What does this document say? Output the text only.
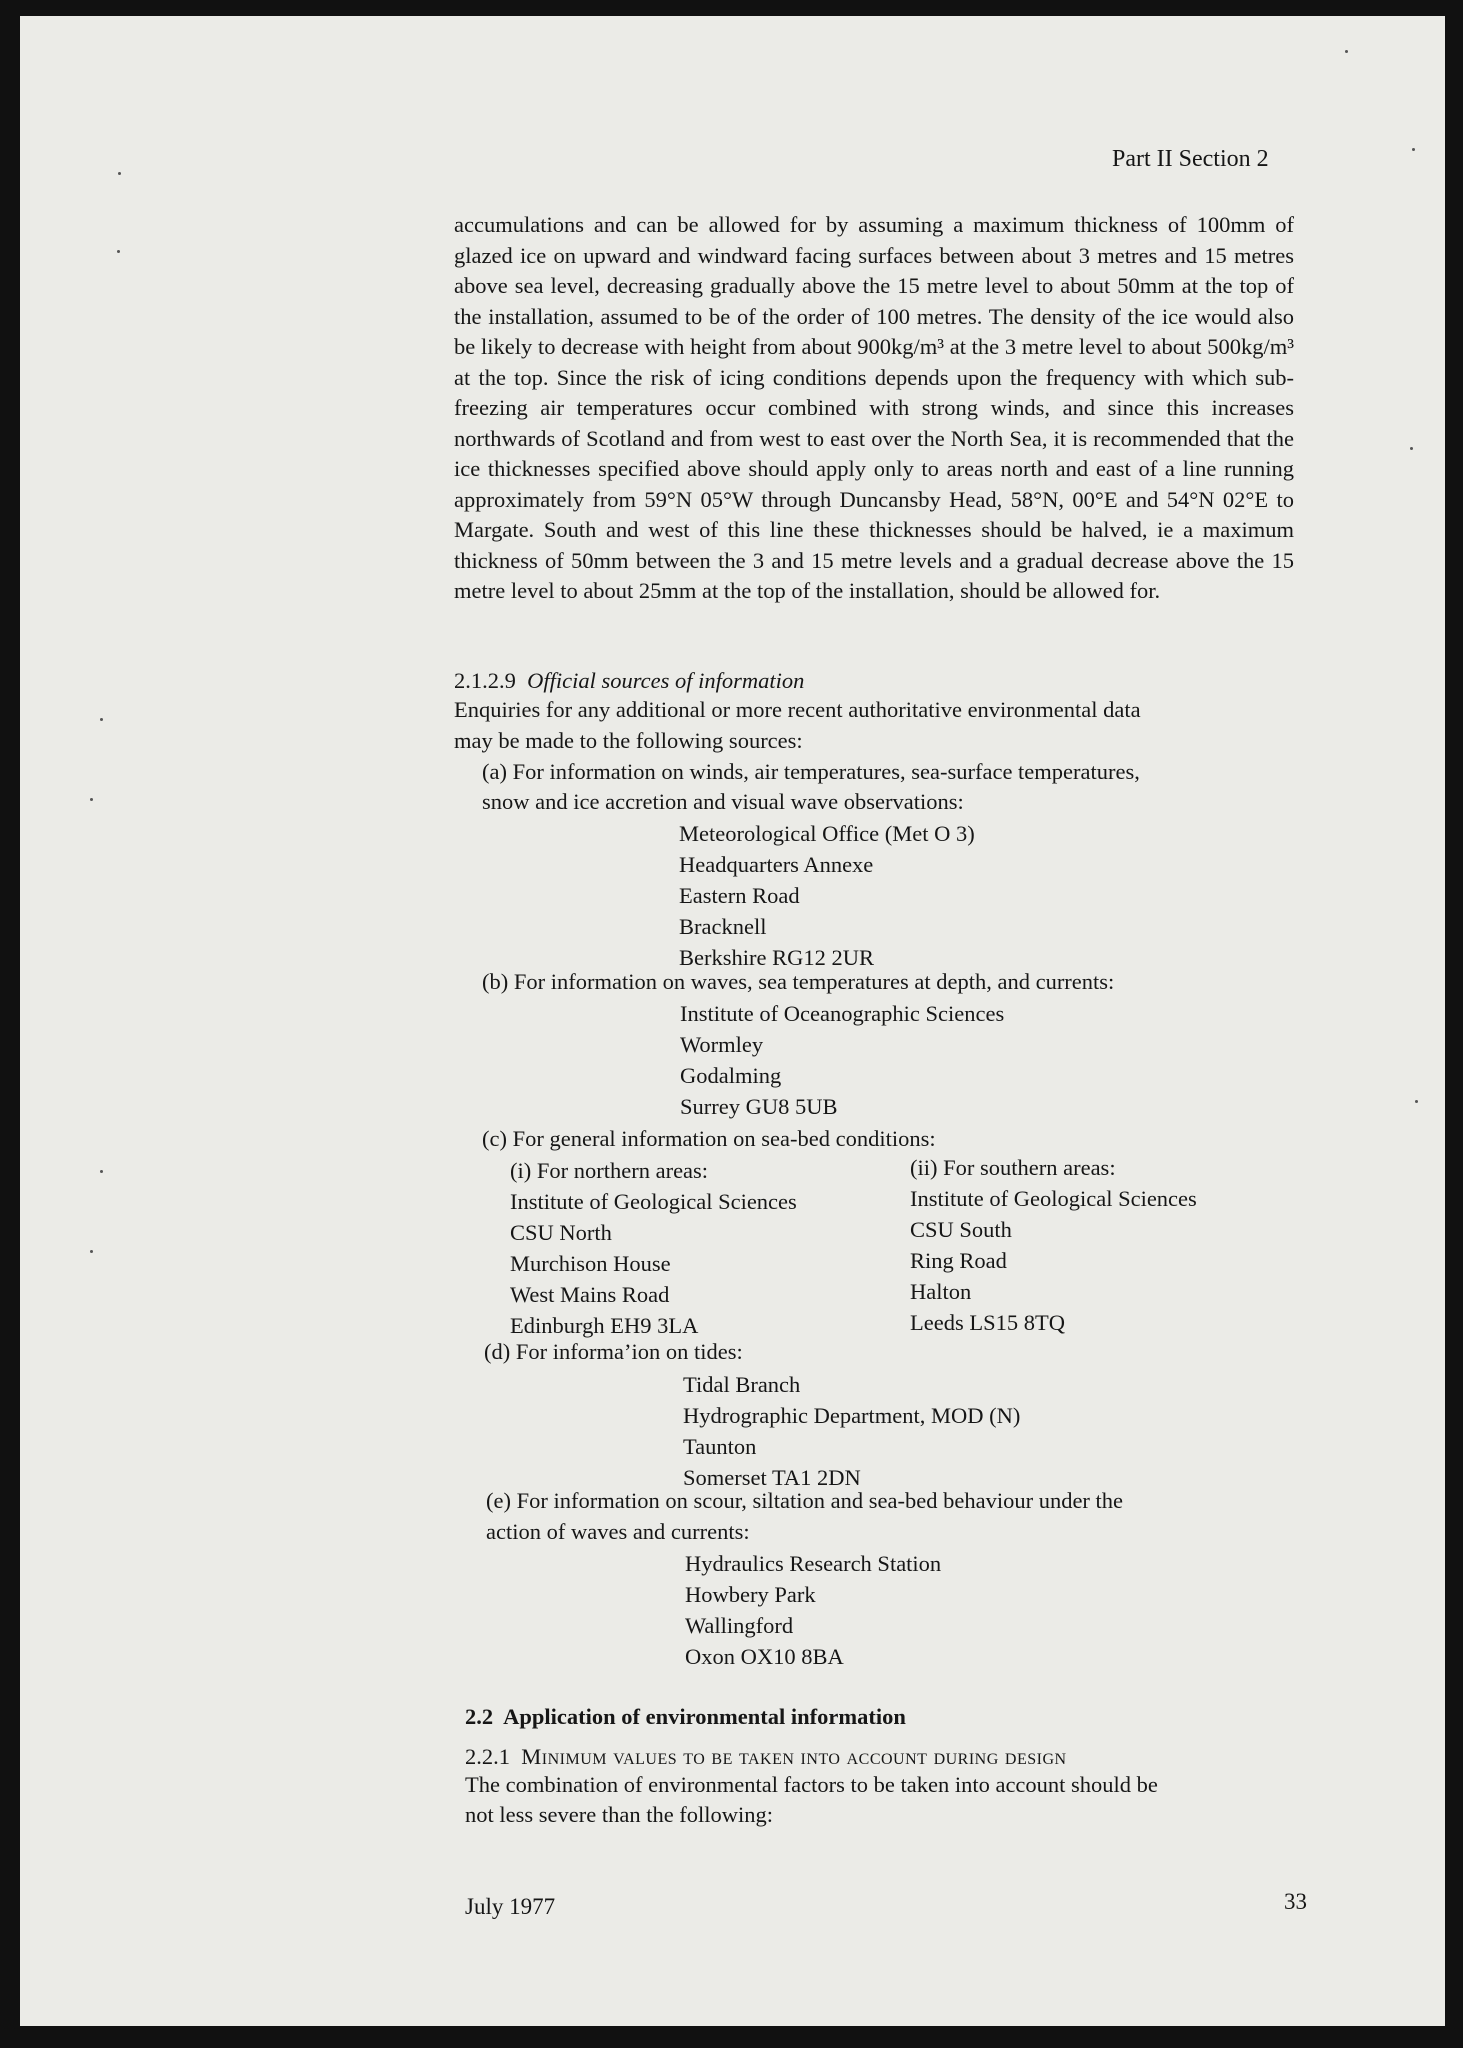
Part II Section 2
accumulations and can be allowed for by assuming a maximum thickness of 100mm of glazed ice on upward and windward facing surfaces between about 3 metres and 15 metres above sea level, decreasing gradually above the 15 metre level to about 50mm at the top of the installation, assumed to be of the order of 100 metres. The density of the ice would also be likely to decrease with height from about 900kg/m³ at the 3 metre level to about 500kg/m³ at the top. Since the risk of icing conditions depends upon the frequency with which sub-freezing air temperatures occur combined with strong winds, and since this increases northwards of Scotland and from west to east over the North Sea, it is recommended that the ice thicknesses specified above should apply only to areas north and east of a line running approximately from 59°N 05°W through Duncansby Head, 58°N, 00°E and 54°N 02°E to Margate. South and west of this line these thicknesses should be halved, ie a maximum thickness of 50mm between the 3 and 15 metre levels and a gradual decrease above the 15 metre level to about 25mm at the top of the installation, should be allowed for.
2.1.2.9 Official sources of information
Enquiries for any additional or more recent authoritative environmental data
may be made to the following sources:
(a) For information on winds, air temperatures, sea-surface temperatures,
snow and ice accretion and visual wave observations:
Meteorological Office (Met O 3)
Headquarters Annexe
Eastern Road
Bracknell
Berkshire RG12 2UR
(b) For information on waves, sea temperatures at depth, and currents:
Institute of Oceanographic Sciences
Wormley
Godalming
Surrey GU8 5UB
(c) For general information on sea-bed conditions:
(i) For northern areas:
Institute of Geological Sciences
CSU North
Murchison House
West Mains Road
Edinburgh EH9 3LA
(ii) For southern areas:
Institute of Geological Sciences
CSU South
Ring Road
Halton
Leeds LS15 8TQ
(d) For informa’ion on tides:
Tidal Branch
Hydrographic Department, MOD (N)
Taunton
Somerset TA1 2DN
(e) For information on scour, siltation and sea-bed behaviour under the
action of waves and currents:
Hydraulics Research Station
Howbery Park
Wallingford
Oxon OX10 8BA
2.2 Application of environmental information
2.2.1 Minimum values to be taken into account during design
The combination of environmental factors to be taken into account should be
not less severe than the following:
July 1977	33
